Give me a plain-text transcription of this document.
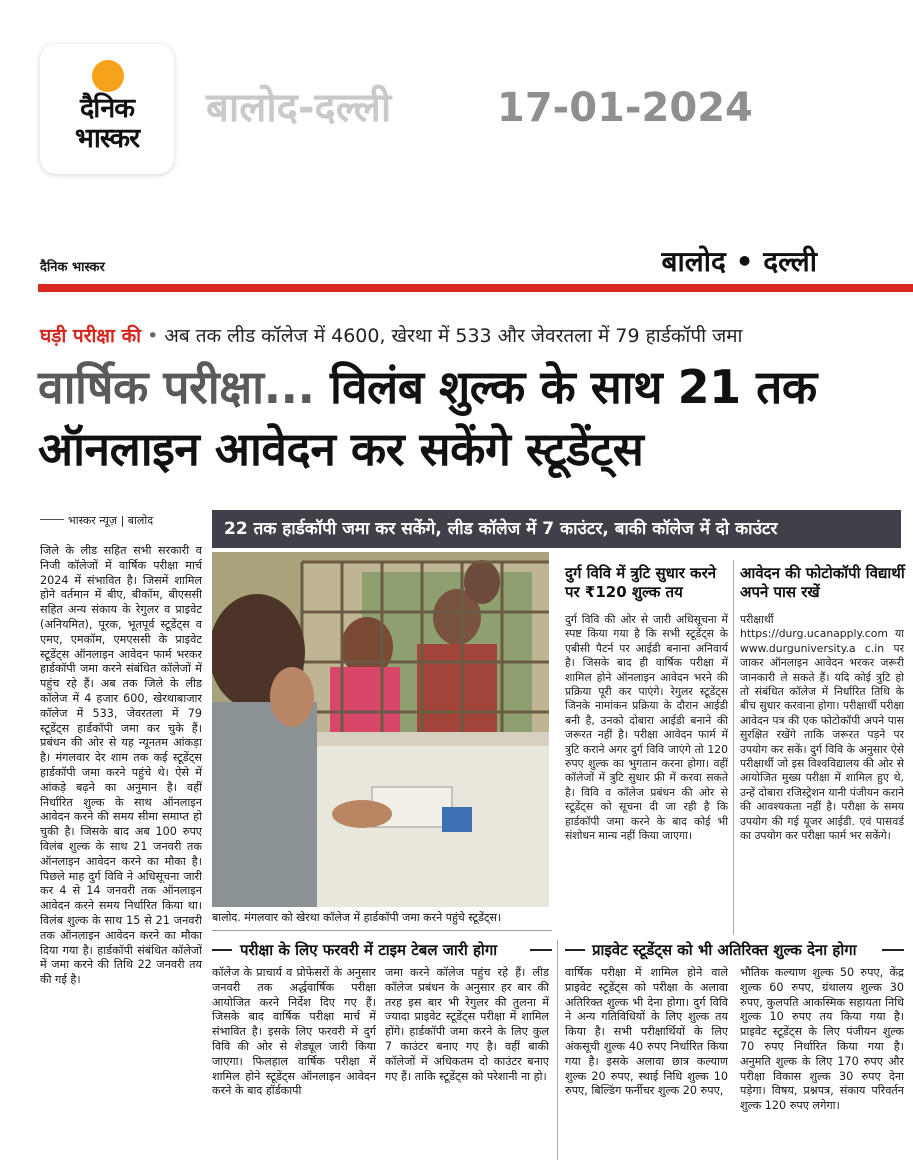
दैनिक
भास्कर
बालोद-दल्ली	17-01-2024
दैनिक भास्कर	बालोद • दल्ली
घड़ी परीक्षा की • अब तक लीड कॉलेज में 4600, खेरथा में 533 और जेवरतला में 79 हार्डकॉपी जमा
वार्षिक परीक्षा... विलंब शुल्क के साथ 21 तक ऑनलाइन आवेदन कर सकेंगे स्टूडेंट्स
भास्कर न्यूज़ | बालोद	22 तक हार्डकॉपी जमा कर सकेंगे, लीड कॉलेज में 7 काउंटर, बाकी कॉलेज में दो काउंटर
जिले के लीड सहित सभी सरकारी व निजी कॉलेजों में वार्षिक परीक्षा मार्च 2024 में संभावित है। जिसमें शामिल होने वर्तमान में बीए, बीकॉम, बीएससी सहित अन्य संकाय के रेगुलर व प्राइवेट (अनियमित), पूरक, भूतपूर्व स्टूडेंट्स व एमए, एमकॉम, एमएससी के प्राइवेट स्टूडेंट्स ऑनलाइन आवेदन फार्म भरकर हार्डकॉपी जमा करने संबंधित कॉलेजों में पहुंच रहे हैं। अब तक जिले के लीड कॉलेज में 4 हजार 600, खेरथाबाजार कॉलेज में 533, जेवरतला में 79 स्टूडेंट्स हार्डकॉपी जमा कर चुके हैं। प्रबंधन की ओर से यह न्यूनतम आंकड़ा है। मंगलवार देर शाम तक कई स्टूडेंट्स हार्डकॉपी जमा करने पहुंचे थे। ऐसे में आंकड़े बढ़ने का अनुमान है। वहीं निर्धारित शुल्क के साथ ऑनलाइन आवेदन करने की समय सीमा समाप्त हो चुकी है। जिसके बाद अब 100 रुपए विलंब शुल्क के साथ 21 जनवरी तक ऑनलाइन आवेदन करने का मौका है। पिछले माह दुर्ग विवि ने अधिसूचना जारी कर 4 से 14 जनवरी तक ऑनलाइन आवेदन करने समय निर्धारित किया था। विलंब शुल्क के साथ 15 से 21 जनवरी तक ऑनलाइन आवेदन करने का मौका दिया गया है। हार्डकॉपी संबंधित कॉलेजों में जमा करने की तिथि 22 जनवरी तय की गई है।
बालोद. मंगलवार को खेरथा कॉलेज में हार्डकॉपी जमा करने पहुंचे स्टूडेंट्स।
दुर्ग विवि में त्रुटि सुधार करने पर ₹120 शुल्क तय
दुर्ग विवि की ओर से जारी अधिसूचना में स्पष्ट किया गया है कि सभी स्टूडेंट्स के एबीसी पैटर्न पर आईडी बनाना अनिवार्य है। जिसके बाद ही वार्षिक परीक्षा में शामिल होने ऑनलाइन आवेदन भरने की प्रक्रिया पूरी कर पाएंगे। रेगुलर स्टूडेंट्स जिनके नामांकन प्रक्रिया के दौरान आईडी बनी है, उनको दोबारा आईडी बनाने की जरूरत नहीं है। परीक्षा आवेदन फार्म में त्रुटि कराने अगर दुर्ग विवि जाएंगे तो 120 रुपए शुल्क का भुगतान करना होगा। वहीं कॉलेजों में त्रुटि सुधार फ्री में करवा सकते है। विवि व कॉलेज प्रबंधन की ओर से स्टूडेंट्स को सूचना दी जा रही है कि हार्डकॉपी जमा करने के बाद कोई भी संशोधन मान्य नहीं किया जाएगा।
आवेदन की फोटोकॉपी विद्यार्थी अपने पास रखें
परीक्षार्थी https://durg.ucanapply.com या www.durguniversity.a c.in पर जाकर ऑनलाइन आवेदन भरकर जरूरी जानकारी ले सकते हैं। यदि कोई त्रुटि हो तो संबंधित कॉलेज में निर्धारित तिथि के बीच सुधार करवाना होगा। परीक्षार्थी परीक्षा आवेदन पत्र की एक फोटोकॉपी अपने पास सुरक्षित रखेंगे ताकि जरूरत पड़ने पर उपयोग कर सकें। दुर्ग विवि के अनुसार ऐसे परीक्षार्थी जो इस विश्वविद्यालय की ओर से आयोजित मुख्य परीक्षा में शामिल हुए थे, उन्हें दोबारा रजिस्ट्रेशन यानी पंजीयन कराने की आवश्यकता नहीं है। परीक्षा के समय उपयोग की गई यूजर आईडी. एवं पासवर्ड का उपयोग कर परीक्षा फार्म भर सकेंगे।
परीक्षा के लिए फरवरी में टाइम टेबल जारी होगा
कॉलेज के प्राचार्य व प्रोफेसरों के अनुसार जनवरी तक अर्द्धवार्षिक परीक्षा आयोजित करने निर्देश दिए गए हैं। जिसके बाद वार्षिक परीक्षा मार्च में संभावित है। इसके लिए फरवरी में दुर्ग विवि की ओर से शेड्यूल जारी किया जाएगा। फिलहाल वार्षिक परीक्षा में शामिल होने स्टूडेंट्स ऑनलाइन आवेदन करने के बाद हॉर्डकापी
जमा करने कॉलेज पहुंच रहे हैं। लीड कॉलेज प्रबंधन के अनुसार हर बार की तरह इस बार भी रेगुलर की तुलना में ज्यादा प्राइवेट स्टूडेंट्स परीक्षा में शामिल होंगे। हार्डकॉपी जमा करने के लिए कुल 7 काउंटर बनाए गए है। वहीं बाकी कॉलेजों में अधिकतम दो काउंटर बनाए गए हैं। ताकि स्टूडेंट्स को परेशानी ना हो।
प्राइवेट स्टूडेंट्स को भी अतिरिक्त शुल्क देना होगा
वार्षिक परीक्षा में शामिल होने वाले प्राइवेट स्टूडेंट्स को परीक्षा के अलावा अतिरिक्त शुल्क भी देना होगा। दुर्ग विवि ने अन्य गतिविधियों के लिए शुल्क तय किया है। सभी परीक्षार्थियों के लिए अंकसूची शुल्क 40 रुपए निर्धारित किया गया है। इसके अलावा छात्र कल्याण शुल्क 20 रुपए, स्थाई निधि शुल्क 10 रुपए, बिल्डिंग फर्नीचर शुल्क 20 रुपए,
भौतिक कल्याण शुल्क 50 रुपए, केंद्र शुल्क 60 रुपए, ग्रंथालय शुल्क 30 रुपए, कुलपति आकस्मिक सहायता निधि शुल्क 10 रुपए तय किया गया है। प्राइवेट स्टूडेंट्स के लिए पंजीयन शुल्क 70 रुपए निर्धारित किया गया है। अनुमति शुल्क के लिए 170 रुपए और परीक्षा विकास शुल्क 30 रुपए देना पड़ेगा। विषय, प्रश्नपत्र, संकाय परिवर्तन शुल्क 120 रुपए लगेगा।
